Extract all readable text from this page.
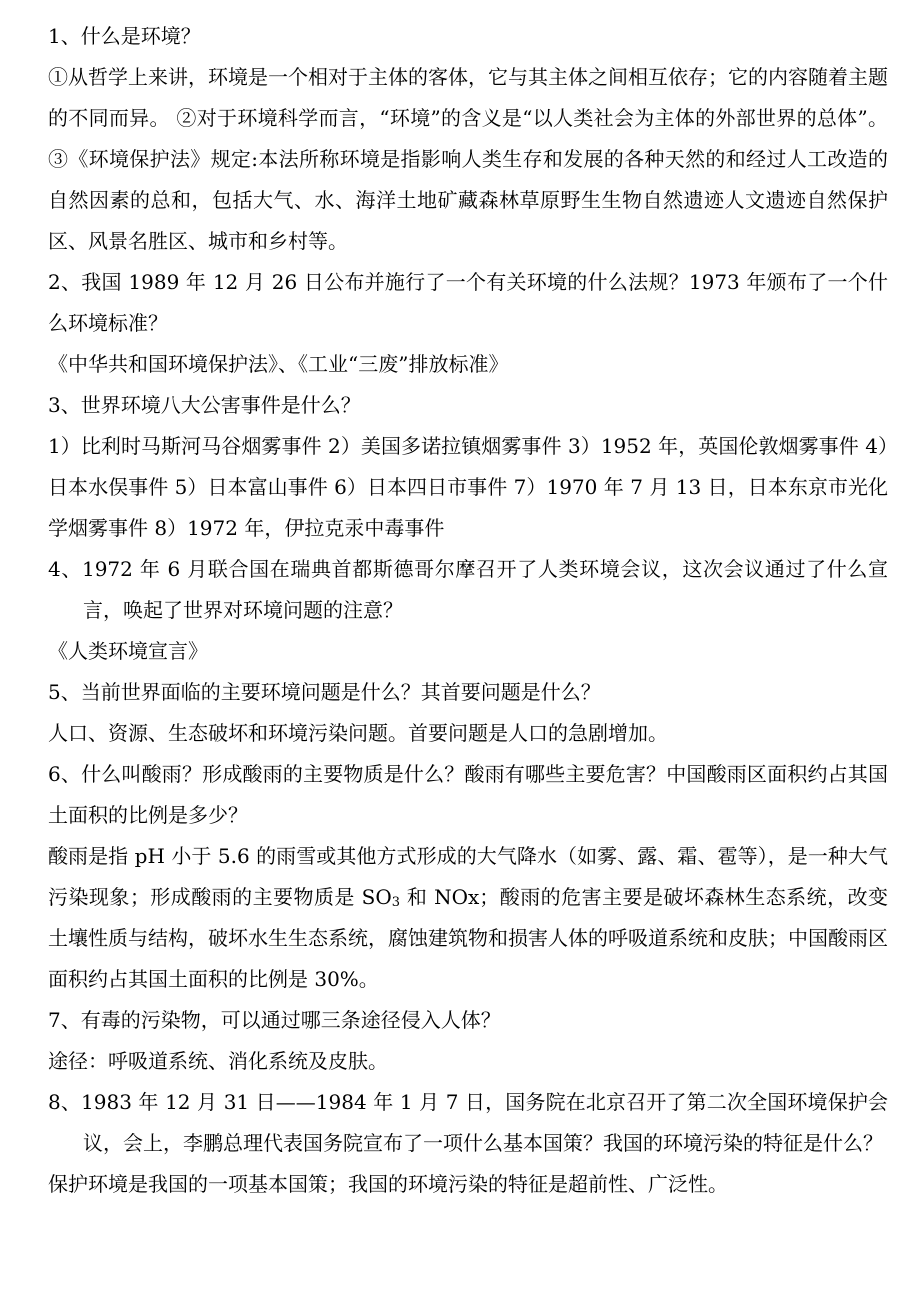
1、什么是环境？

①从哲学上来讲，环境是一个相对于主体的客体，它与其主体之间相互依存；它的内容随着主题的不同而异。 ②对于环境科学而言，“环境”的含义是“以人类社会为主体的外部世界的总体”。 ③《环境保护法》规定:本法所称环境是指影响人类生存和发展的各种天然的和经过人工改造的自然因素的总和，包括大气、水、海洋土地矿藏森林草原野生生物自然遗迹人文遗迹自然保护区、风景名胜区、城市和乡村等。

2、我国 1989 年 12 月 26 日公布并施行了一个有关环境的什么法规？1973 年颁布了一个什么环境标准？

《中华共和国环境保护法》、《工业“三废”排放标准》

3、世界环境八大公害事件是什么？

1）比利时马斯河马谷烟雾事件 2）美国多诺拉镇烟雾事件 3）1952 年，英国伦敦烟雾事件 4）日本水俣事件 5）日本富山事件 6）日本四日市事件 7）1970 年 7 月 13 日，日本东京市光化学烟雾事件 8）1972 年，伊拉克汞中毒事件

4、1972 年 6 月联合国在瑞典首都斯德哥尔摩召开了人类环境会议，这次会议通过了什么宣言，唤起了世界对环境问题的注意？

《人类环境宣言》

5、当前世界面临的主要环境问题是什么？其首要问题是什么？

人口、资源、生态破坏和环境污染问题。首要问题是人口的急剧增加。

6、什么叫酸雨？形成酸雨的主要物质是什么？酸雨有哪些主要危害？中国酸雨区面积约占其国土面积的比例是多少？

酸雨是指 pH 小于 5.6 的雨雪或其他方式形成的大气降水（如雾、露、霜、雹等），是一种大气污染现象；形成酸雨的主要物质是 SO3 和 NOx；酸雨的危害主要是破坏森林生态系统，改变土壤性质与结构，破坏水生生态系统，腐蚀建筑物和损害人体的呼吸道系统和皮肤；中国酸雨区面积约占其国土面积的比例是 30%。

7、有毒的污染物，可以通过哪三条途径侵入人体？

途径：呼吸道系统、消化系统及皮肤。

8、1983 年 12 月 31 日——1984 年 1 月 7 日，国务院在北京召开了第二次全国环境保护会议，会上，李鹏总理代表国务院宣布了一项什么基本国策？我国的环境污染的特征是什么？

保护环境是我国的一项基本国策；我国的环境污染的特征是超前性、广泛性。
